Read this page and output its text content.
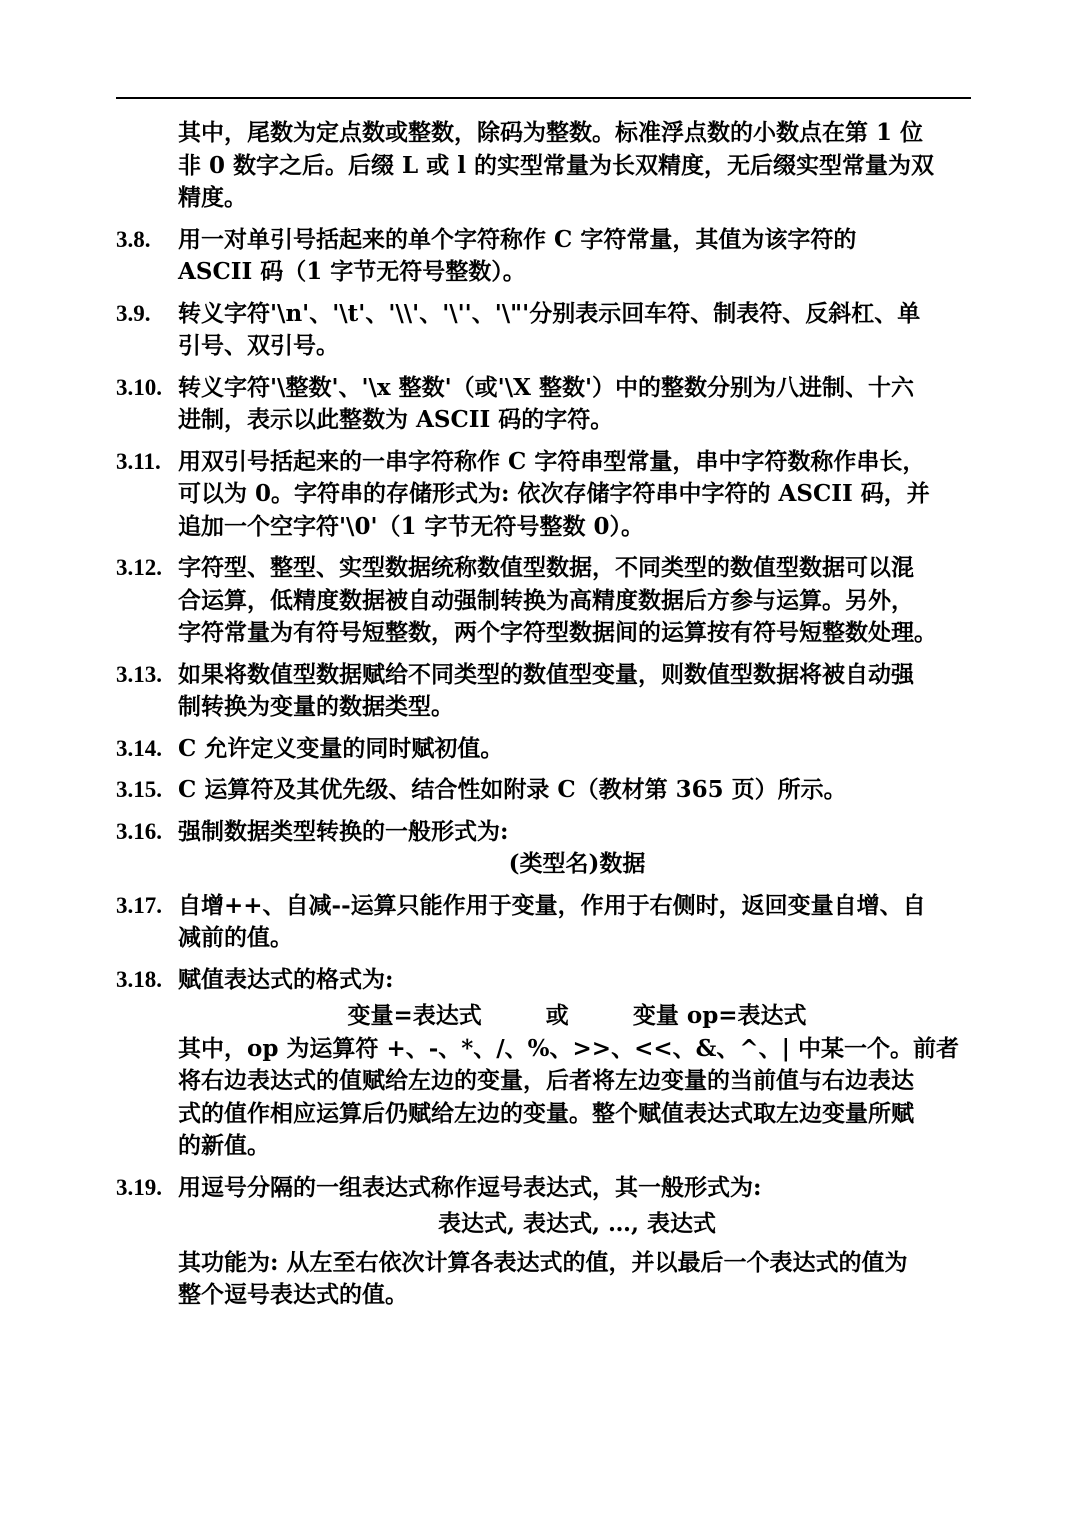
其中，尾数为定点数或整数，除码为整数。标准浮点数的小数点在第 1 位
非 0 数字之后。后缀 L 或 l 的实型常量为长双精度，无后缀实型常量为双
精度。
3.8. 用一对单引号括起来的单个字符称作 C 字符常量，其值为该字符的
ASCII 码（1 字节无符号整数）。
3.9. 转义字符'\n'、'\t'、'\\'、'\''、'\"'分别表示回车符、制表符、反斜杠、单
引号、双引号。
3.10. 转义字符'\整数'、'\x 整数'（或'\X 整数'）中的整数分别为八进制、十六
进制，表示以此整数为 ASCII 码的字符。
3.11. 用双引号括起来的一串字符称作 C 字符串型常量，串中字符数称作串长，
可以为 0。字符串的存储形式为: 依次存储字符串中字符的 ASCII 码，并
追加一个空字符'\0'（1 字节无符号整数 0）。
3.12. 字符型、整型、实型数据统称数值型数据，不同类型的数值型数据可以混
合运算，低精度数据被自动强制转换为高精度数据后方参与运算。另外，
字符常量为有符号短整数，两个字符型数据间的运算按有符号短整数处理。
3.13. 如果将数值型数据赋给不同类型的数值型变量，则数值型数据将被自动强
制转换为变量的数据类型。
3.14. C 允许定义变量的同时赋初值。
3.15. C 运算符及其优先级、结合性如附录 C（教材第 365 页）所示。
3.16. 强制数据类型转换的一般形式为:
(类型名)数据
3.17. 自增++、自减--运算只能作用于变量，作用于右侧时，返回变量自增、自
减前的值。
3.18. 赋值表达式的格式为:
变量=表达式        或        变量 op=表达式
其中，op 为运算符 +、-、*、/、%、>>、<<、&、^、| 中某一个。前者
将右边表达式的值赋给左边的变量，后者将左边变量的当前值与右边表达
式的值作相应运算后仍赋给左边的变量。整个赋值表达式取左边变量所赋
的新值。
3.19. 用逗号分隔的一组表达式称作逗号表达式，其一般形式为:
表达式, 表达式, …, 表达式
其功能为: 从左至右依次计算各表达式的值，并以最后一个表达式的值为
整个逗号表达式的值。
